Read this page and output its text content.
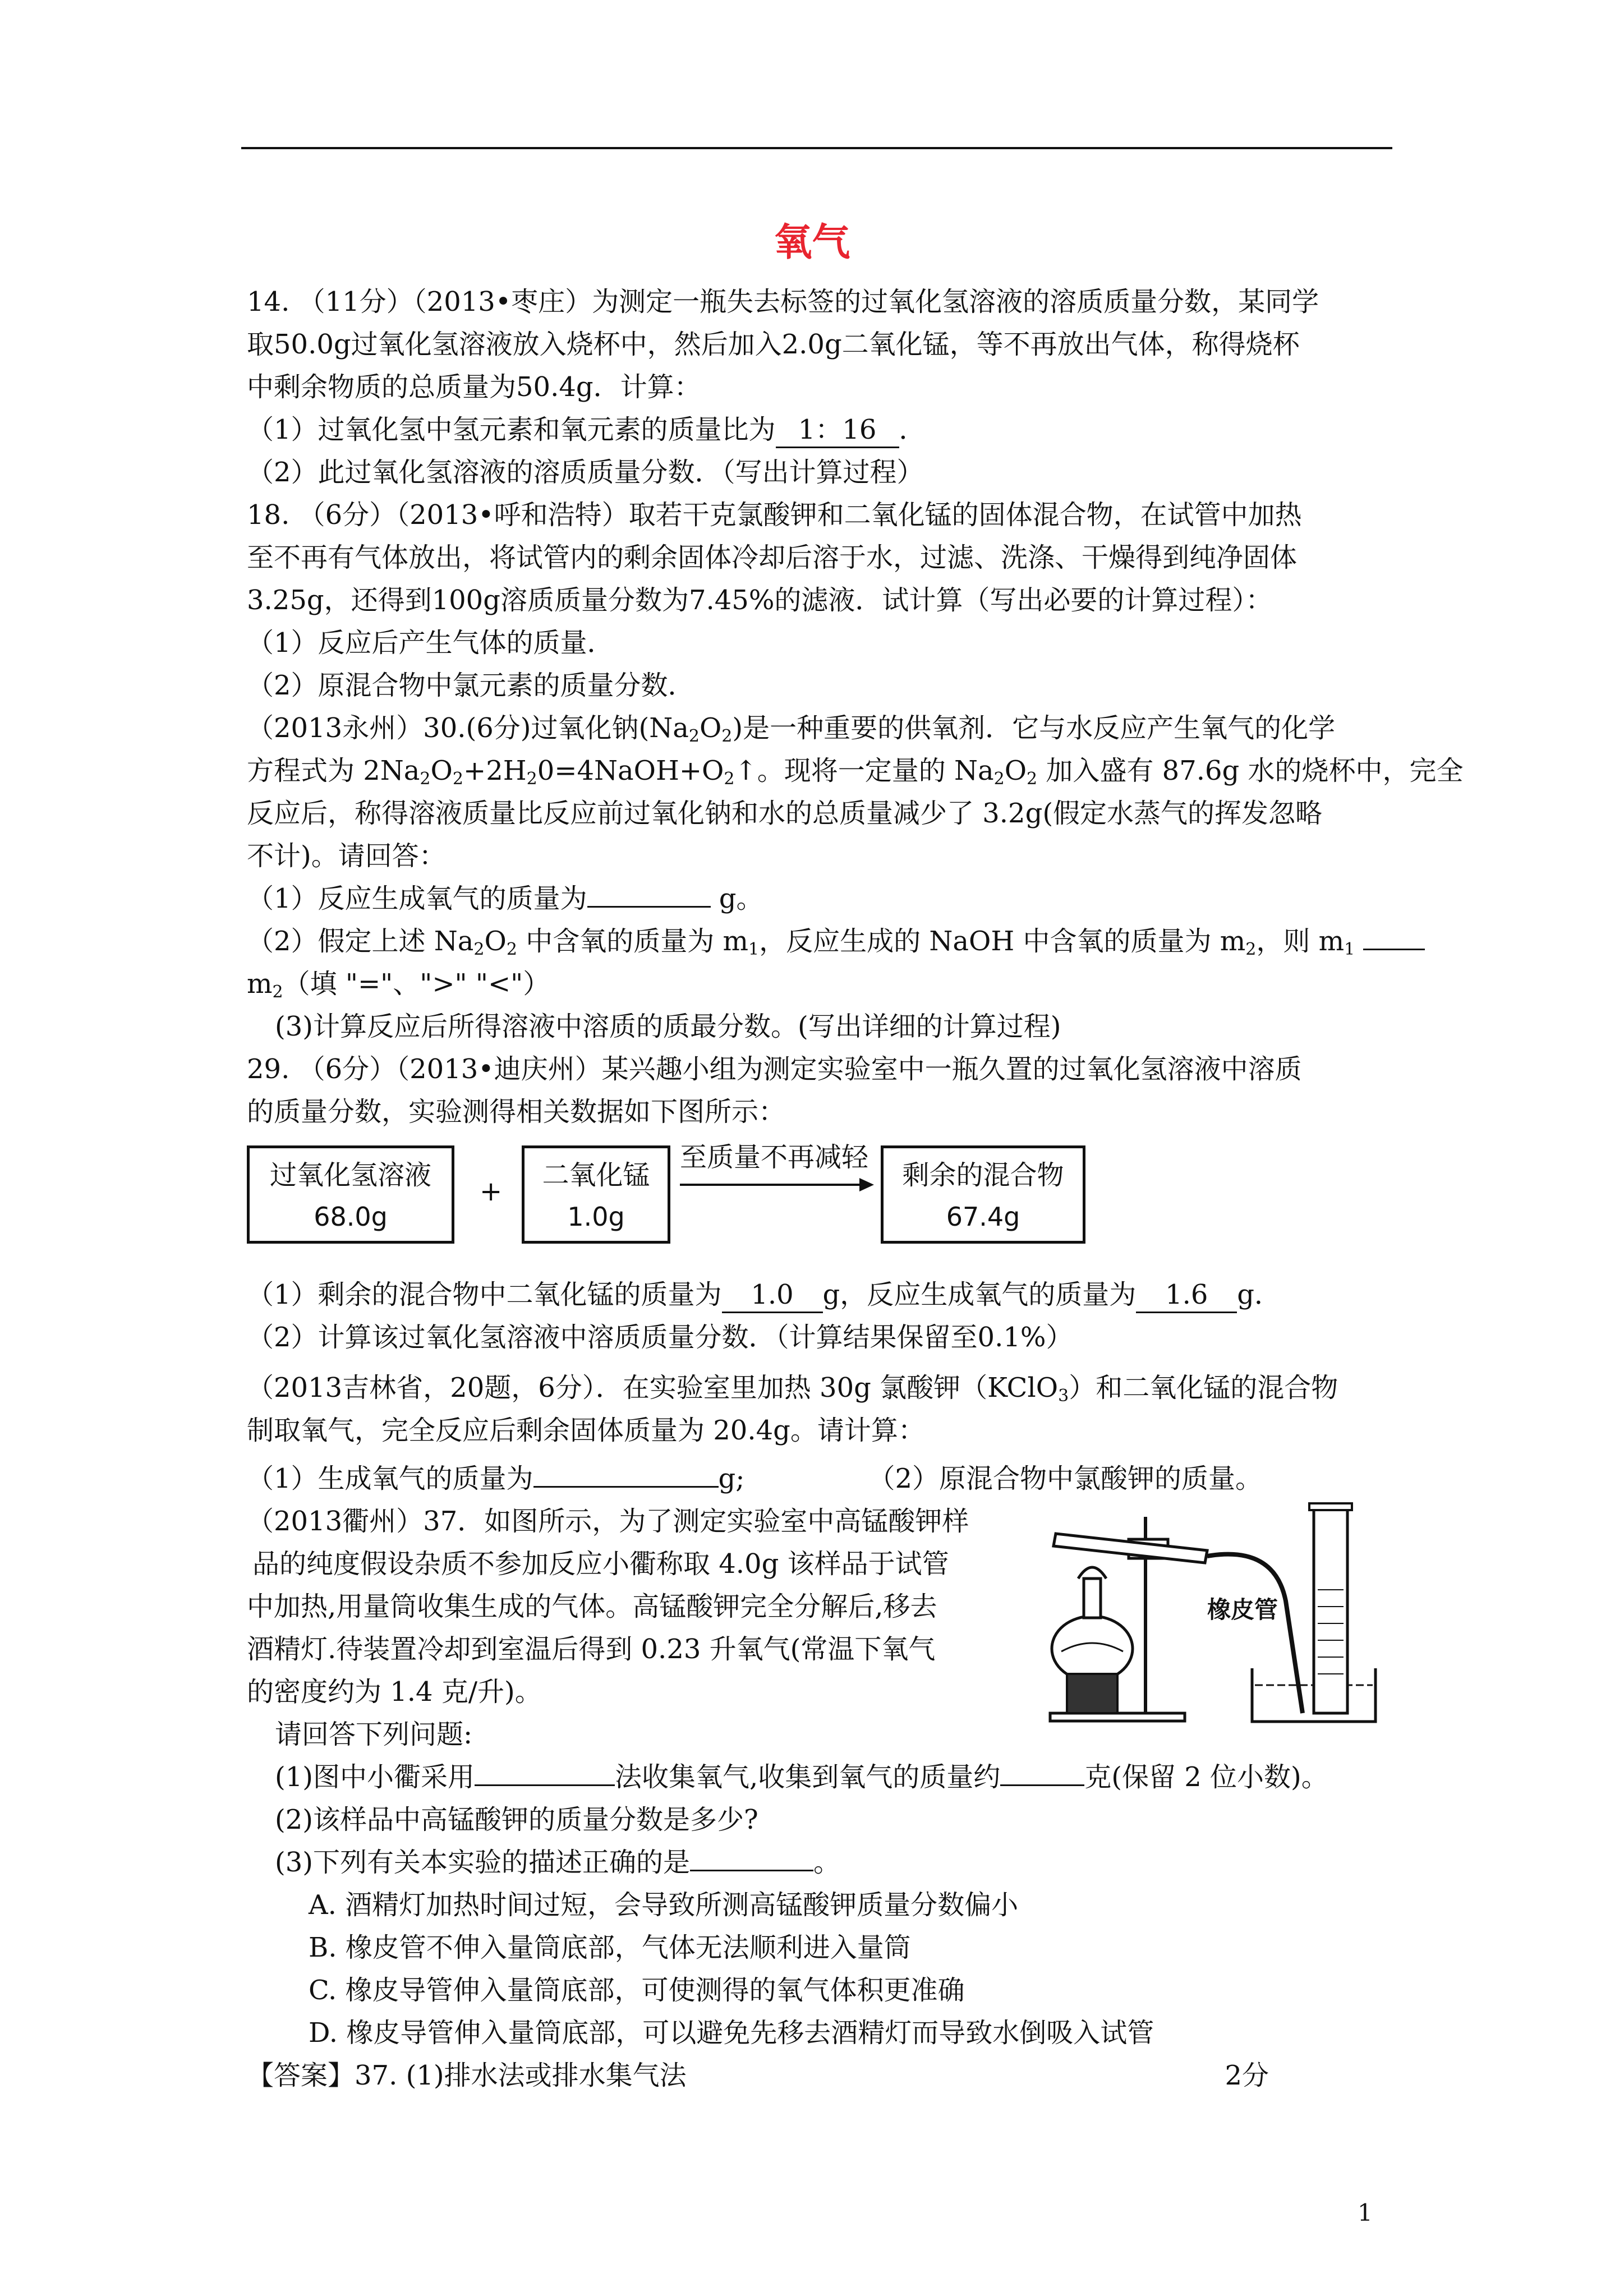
氧气
14. （11分）（2013•枣庄）为测定一瓶失去标签的过氧化氢溶液的溶质质量分数，某同学
取50.0g过氧化氢溶液放入烧杯中，然后加入2.0g二氧化锰，等不再放出气体，称得烧杯
中剩余物质的总质量为50.4g．计算：
（1）过氧化氢中氢元素和氧元素的质量比为 1：16 ．
（2）此过氧化氢溶液的溶质质量分数．（写出计算过程）
18. （6分）（2013•呼和浩特）取若干克氯酸钾和二氧化锰的固体混合物，在试管中加热
至不再有气体放出，将试管内的剩余固体冷却后溶于水，过滤、洗涤、干燥得到纯净固体
3.25g，还得到100g溶质质量分数为7.45%的滤液．试计算（写出必要的计算过程）：
（1）反应后产生气体的质量．
（2）原混合物中氯元素的质量分数．
（2013永州）30.(6分)过氧化钠$(Na_2O_2)$是一种重要的供氧剂．它与水反应产生氧气的化学
方程式为 $2Na_2O_2+2H_20=4NaOH+O_2↑$。现将一定量的 $Na_2O_2$ 加入盛有 87.6g 水的烧杯中，完全
反应后，称得溶液质量比反应前过氧化钠和水的总质量减少了 3.2g(假定水蒸气的挥发忽略
不计)。请回答：
（1）反应生成氧气的质量为	g。
（2）假定上述 $Na_2O_2$ 中含氧的质量为 $m_1$，反应生成的 NaOH 中含氧的质量为 $m_2$，则 $m_1$
$m_2$（填 "="、">" "<"）
(3)计算反应后所得溶液中溶质的质最分数。(写出详细的计算过程)
29. （6分）（2013•迪庆州）某兴趣小组为测定实验室中一瓶久置的过氧化氢溶液中溶质
的质量分数，实验测得相关数据如下图所示：
过氧化氢溶液
68.0g
+
二氧化锰
1.0g
至质量不再减轻
剩余的混合物
67.4g
（1）剩余的混合物中二氧化锰的质量为 1.0 g，反应生成氧气的质量为 1.6 g．
（2）计算该过氧化氢溶液中溶质质量分数．（计算结果保留至0.1%）
（2013吉林省，20题，6分）．在实验室里加热 30g 氯酸钾（KClO$_3$）和二氧化锰的混合物
制取氧气，完全反应后剩余固体质量为 20.4g。请计算：
（1）生成氧气的质量为	g;	（2）原混合物中氯酸钾的质量。
橡皮管
（2013衢州）37．如图所示，为了测定实验室中高锰酸钾样
品的纯度假设杂质不参加反应小衢称取 4.0g 该样品于试管
中加热,用量筒收集生成的气体。高锰酸钾完全分解后,移去
酒精灯.待装置冷却到室温后得到 0.23 升氧气(常温下氧气
的密度约为 1.4 克/升)。
请回答下列问题:
(1)图中小衢采用	法收集氧气,收集到氧气的质量约	克(保留 2 位小数)。
(2)该样品中高锰酸钾的质量分数是多少?
(3)下列有关本实验的描述正确的是	。
A. 酒精灯加热时间过短，会导致所测高锰酸钾质量分数偏小
B. 橡皮管不伸入量筒底部，气体无法顺利进入量筒
C. 橡皮导管伸入量筒底部，可使测得的氧气体积更准确
D. 橡皮导管伸入量筒底部，可以避免先移去酒精灯而导致水倒吸入试管
【答案】37. (1)排水法或排水集气法	2分
1
